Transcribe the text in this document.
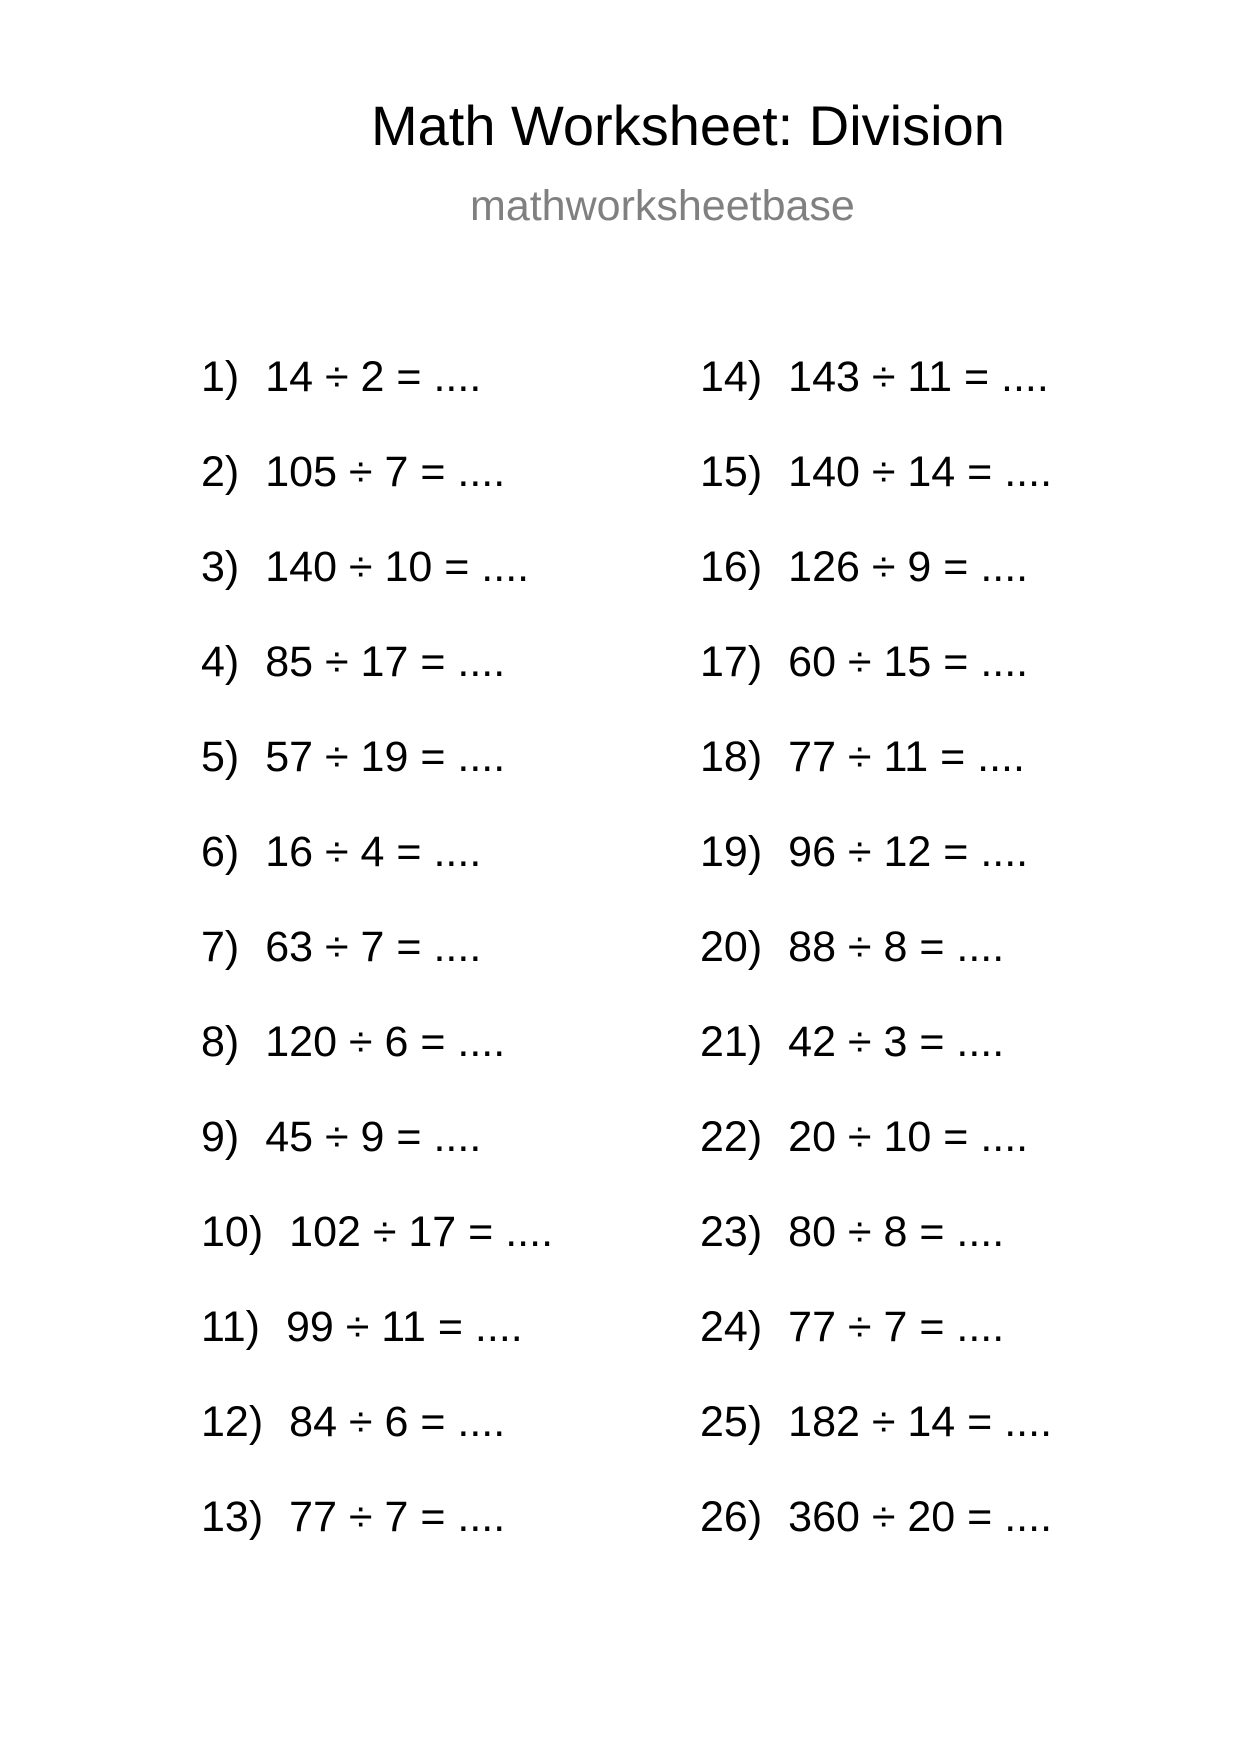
Math Worksheet: Division
mathworksheetbase
1) 14 ÷ 2 = ....
2) 105 ÷ 7 = ....
3) 140 ÷ 10 = ....
4) 85 ÷ 17 = ....
5) 57 ÷ 19 = ....
6) 16 ÷ 4 = ....
7) 63 ÷ 7 = ....
8) 120 ÷ 6 = ....
9) 45 ÷ 9 = ....
10) 102 ÷ 17 = ....
11) 99 ÷ 11 = ....
12) 84 ÷ 6 = ....
13) 77 ÷ 7 = ....
14) 143 ÷ 11 = ....
15) 140 ÷ 14 = ....
16) 126 ÷ 9 = ....
17) 60 ÷ 15 = ....
18) 77 ÷ 11 = ....
19) 96 ÷ 12 = ....
20) 88 ÷ 8 = ....
21) 42 ÷ 3 = ....
22) 20 ÷ 10 = ....
23) 80 ÷ 8 = ....
24) 77 ÷ 7 = ....
25) 182 ÷ 14 = ....
26) 360 ÷ 20 = ....
